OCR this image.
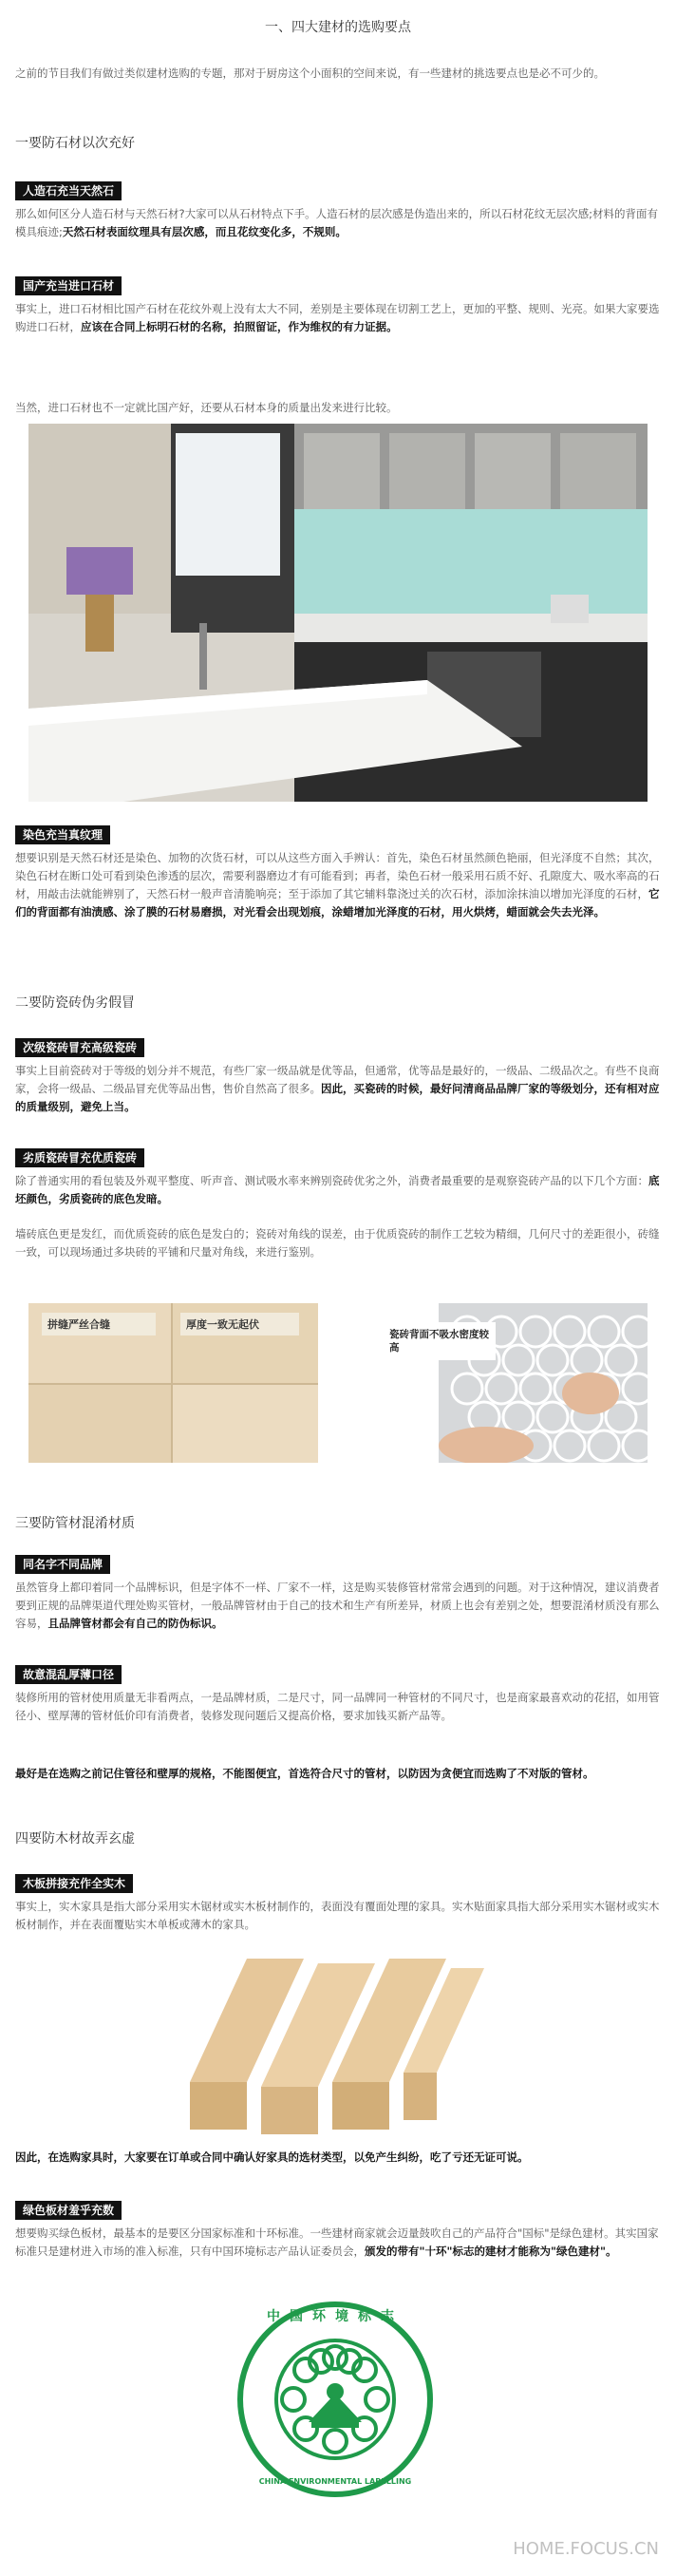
一、四大建材的选购要点

之前的节目我们有做过类似建材选购的专题，那对于厨房这个小面积的空间来说，有一些建材的挑选要点也是必不可少的。

一要防石材以次充好
人造石充当天然石

那么如何区分人造石材与天然石材?大家可以从石材特点下手。人造石材的层次感是伪造出来的，所以石材花纹无层次感;材料的背面有模具痕迹;天然石材表面纹理具有层次感，而且花纹变化多，不规则。

国产充当进口石材

事实上，进口石材相比国产石材在花纹外观上没有太大不同，差别是主要体现在切割工艺上，更加的平整、规则、光亮。如果大家要选购进口石材，应该在合同上标明石材的名称，拍照留证，作为维权的有力证据。

当然，进口石材也不一定就比国产好，还要从石材本身的质量出发来进行比较。

染色充当真纹理

想要识别是天然石材还是染色、加物的次货石材，可以从这些方面入手辨认：首先，染色石材虽然颜色艳丽，但光泽度不自然；其次，染色石材在断口处可看到染色渗透的层次，需要利器磨边才有可能看到；再者，染色石材一般采用石质不好、孔隙度大、吸水率高的石材，用敲击法就能辨别了，天然石材一般声音清脆响亮；至于添加了其它辅料靠浇过关的次石材，添加涂抹油以增加光泽度的石材，它们的背面都有油渍感、涂了膜的石材易磨损，对光看会出现划痕，涂蜡增加光泽度的石材，用火烘烤，蜡面就会失去光泽。

二要防瓷砖伪劣假冒
次级瓷砖冒充高级瓷砖

事实上目前瓷砖对于等级的划分并不规范，有些厂家一级品就是优等品，但通常，优等品是最好的，一级品、二级品次之。有些不良商家，会将一级品、二级品冒充优等品出售，售价自然高了很多。因此，买瓷砖的时候，最好问清商品品牌厂家的等级划分，还有相对应的质量级别，避免上当。

劣质瓷砖冒充优质瓷砖

除了普通实用的看包装及外观平整度、听声音、测试吸水率来辨别瓷砖优劣之外，消费者最重要的是观察瓷砖产品的以下几个方面：底坯颜色，劣质瓷砖的底色发暗。

墙砖底色更是发红，而优质瓷砖的底色是发白的；瓷砖对角线的误差，由于优质瓷砖的制作工艺较为精细，几何尺寸的差距很小，砖缝一致，可以现场通过多块砖的平铺和尺量对角线，来进行鉴别。

拼缝严丝合缝	厚度一致无起伏
瓷砖背面不吸水密度较高
三要防管材混淆材质
同名字不同品牌

虽然管身上都印着同一个品牌标识，但是字体不一样、厂家不一样，这是购买装修管材常常会遇到的问题。对于这种情况，建议消费者要到正规的品牌渠道代理处购买管材，一般品牌管材由于自己的技术和生产有所差异，材质上也会有差别之处，想要混淆材质没有那么容易，且品牌管材都会有自己的防伪标识。

故意混乱厚薄口径

装修所用的管材使用质量无非看两点，一是品牌材质，二是尺寸，同一品牌同一种管材的不同尺寸，也是商家最喜欢动的花招，如用管径小、壁厚薄的管材低价印有消费者，装修发现问题后又提高价格，要求加钱买新产品等。

最好是在选购之前记住管径和壁厚的规格，不能图便宜，首选符合尺寸的管材，以防因为贪便宜而选购了不对版的管材。

四要防木材故弄玄虚
木板拼接充作全实木

事实上，实木家具是指大部分采用实木锯材或实木板材制作的，表面没有覆面处理的家具。实木贴面家具指大部分采用实木锯材或实木板材制作，并在表面覆贴实木单板或薄木的家具。

因此，在选购家具时，大家要在订单或合同中确认好家具的选材类型，以免产生纠纷，吃了亏还无证可说。

绿色板材羞乎充数

想要购买绿色板材，最基本的是要区分国家标准和十环标准。一些建材商家就会迈量鼓吹自己的产品符合"国标"是绿色建材。其实国家标准只是建材进入市场的准入标准，只有中国环境标志产品认证委员会，颁发的带有"十环"标志的建材才能称为"绿色建材"。

中国环境标志
CHINA ENVIRONMENTAL LABELLING
HOME.FOCUS.CN
